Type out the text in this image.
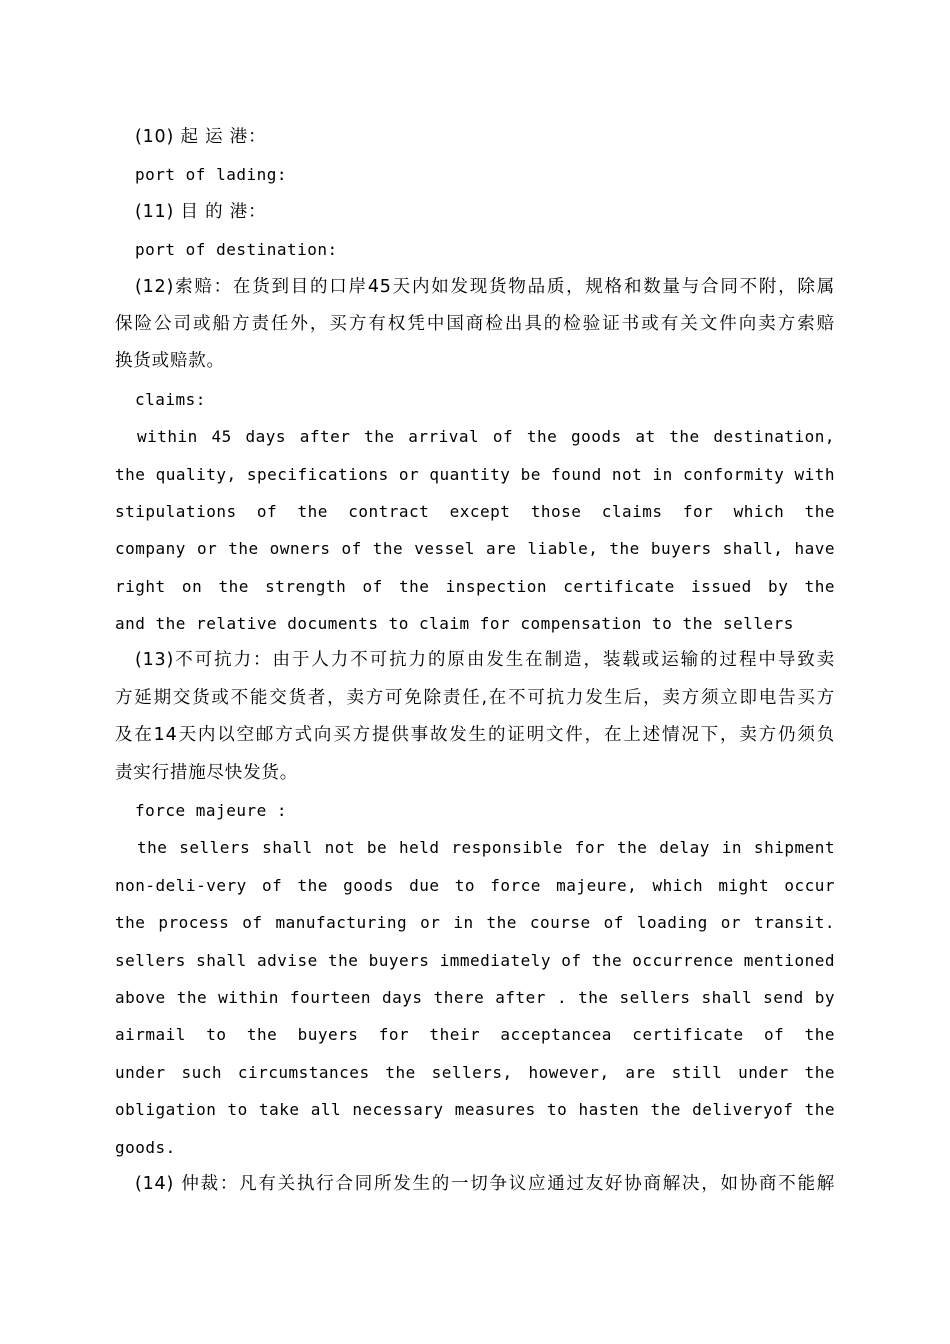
(10) 起 运 港：
port of lading:
(11) 目 的 港：
port of destination:
(12)索赔：在货到目的口岸45天内如发现货物品质，规格和数量与合同不附，除属
保险公司或船方责任外，买方有权凭中国商检出具的检验证书或有关文件向卖方索赔
换货或赔款。
claims:
within 45 days after the arrival of the goods at the destination,
the quality, specifications or quantity be found not in conformity with
stipulations of the contract except those claims for which the
company or the owners of the vessel are liable, the buyers shall, have
right on the strength of the inspection certificate issued by the
and the relative documents to claim for compensation to the sellers
(13)不可抗力：由于人力不可抗力的原由发生在制造，装载或运输的过程中导致卖
方延期交货或不能交货者，卖方可免除责任,在不可抗力发生后，卖方须立即电告买方
及在14天内以空邮方式向买方提供事故发生的证明文件，在上述情况下，卖方仍须负
责实行措施尽快发货。
force majeure :
the sellers shall not be held responsible for the delay in shipment
non-deli-very of the goods due to force majeure, which might occur
the process of manufacturing or in the course of loading or transit.
sellers shall advise the buyers immediately of the occurrence mentioned
above the within fourteen days there after . the sellers shall send by
airmail to the buyers for their acceptancea certificate of the
under such circumstances the sellers, however, are still under the
obligation to take all necessary measures to hasten the deliveryof the
goods.
(14) 仲裁：凡有关执行合同所发生的一切争议应通过友好协商解决，如协商不能解
